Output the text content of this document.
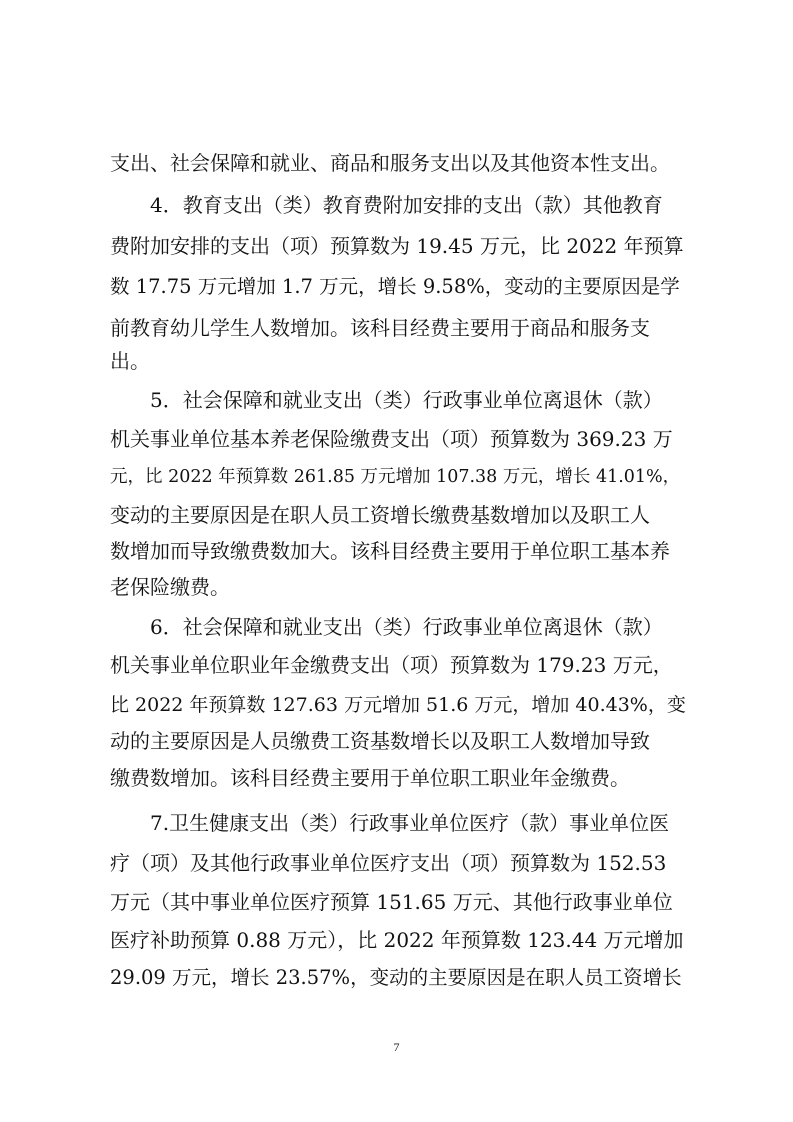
支出、社会保障和就业、商品和服务支出以及其他资本性支出。
4．教育支出（类）教育费附加安排的支出（款）其他教育
费附加安排的支出（项）预算数为 19.45 万元，比 2022 年预算
数 17.75 万元增加 1.7 万元，增长 9.58%，变动的主要原因是学
前教育幼儿学生人数增加。该科目经费主要用于商品和服务支
出。
5．社会保障和就业支出（类）行政事业单位离退休（款）
机关事业单位基本养老保险缴费支出（项）预算数为 369.23 万
元，比 2022 年预算数 261.85 万元增加 107.38 万元，增长 41.01%，
变动的主要原因是在职人员工资增长缴费基数增加以及职工人
数增加而导致缴费数加大。该科目经费主要用于单位职工基本养
老保险缴费。
6．社会保障和就业支出（类）行政事业单位离退休（款）
机关事业单位职业年金缴费支出（项）预算数为 179.23 万元，
比 2022 年预算数 127.63 万元增加 51.6 万元，增加 40.43%，变
动的主要原因是人员缴费工资基数增长以及职工人数增加导致
缴费数增加。该科目经费主要用于单位职工职业年金缴费。
7.卫生健康支出（类）行政事业单位医疗（款）事业单位医
疗（项）及其他行政事业单位医疗支出（项）预算数为 152.53
万元（其中事业单位医疗预算 151.65 万元、其他行政事业单位
医疗补助预算 0.88 万元），比 2022 年预算数 123.44 万元增加
29.09 万元，增长 23.57%，变动的主要原因是在职人员工资增长
7
